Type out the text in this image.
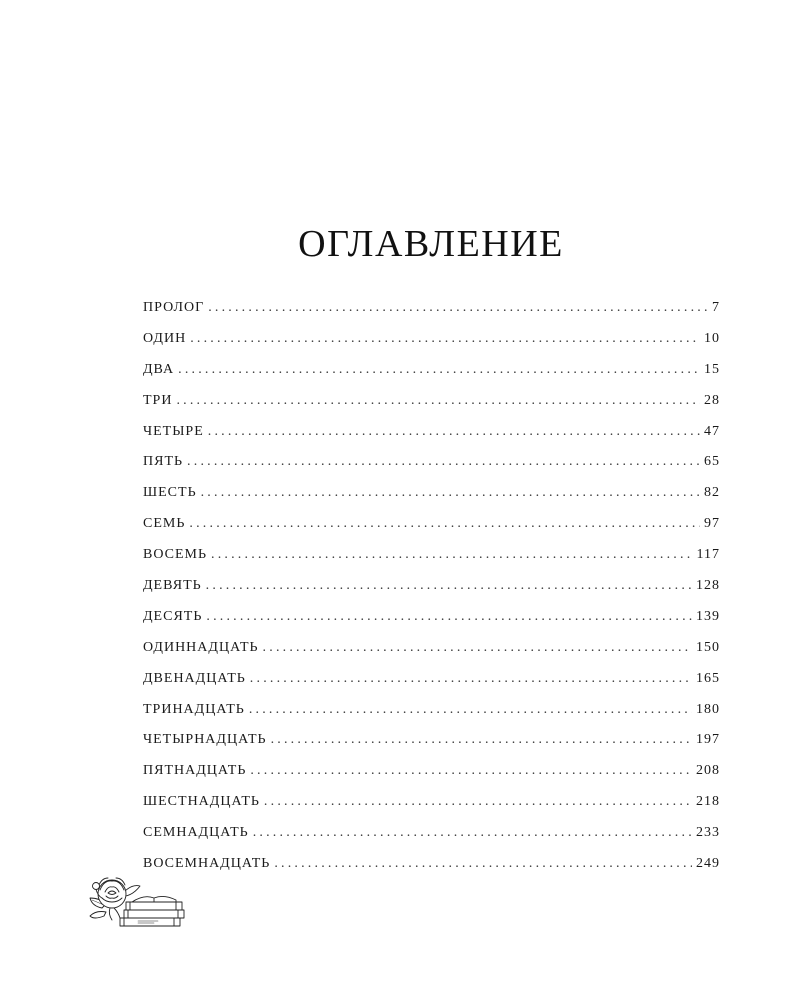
ОГЛАВЛЕНИЕ
ПРОЛОГ .....	7
ОДИН .....	10
ДВА .....	15
ТРИ .....	28
ЧЕТЫРЕ .....	47
ПЯТЬ .....	65
ШЕСТЬ .....	82
СЕМЬ .....	97
ВОСЕМЬ .....	117
ДЕВЯТЬ .....	128
ДЕСЯТЬ .....	139
ОДИННАДЦАТЬ .....	150
ДВЕНАДЦАТЬ .....	165
ТРИНАДЦАТЬ .....	180
ЧЕТЫРНАДЦАТЬ .....	197
ПЯТНАДЦАТЬ .....	208
ШЕСТНАДЦАТЬ .....	218
СЕМНАДЦАТЬ .....	233
ВОСЕМНАДЦАТЬ .....	249
